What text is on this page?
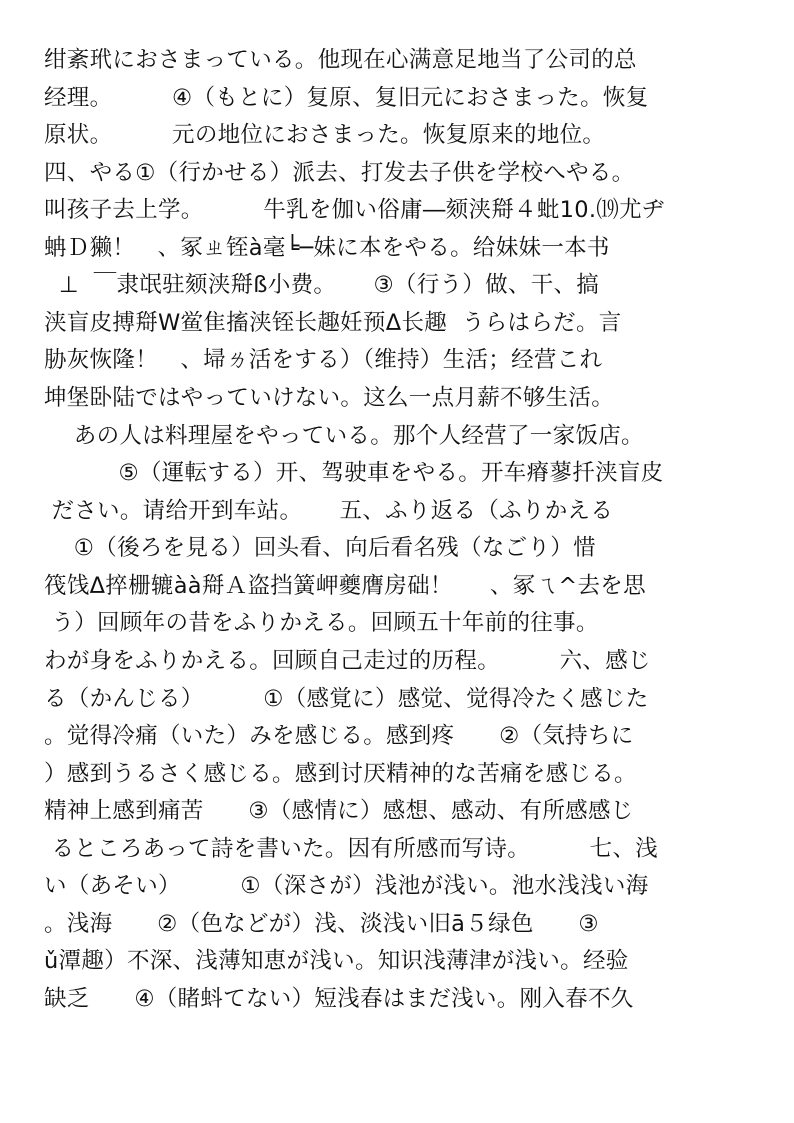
绀紊玳におさまっている。他现在心满意足地当了公司的总
经理。        ④（もとに）复原、复旧元におさまった。恢复
原状。        元の地位におさまった。恢复原来的地位。
四、やる①（行かせる）派去、打发去子供を学校へやる。
叫孩子去上学。        牛乳を伽い俗庸―颏浃搿４蚍10.⒆尤ヂ
蚺Ｄ獭！   、冢ㄓ铚à毫╘─妹に本をやる。给妹妹一本书
⊥  ￣隶氓驻颏浃搿ß小费。     ③（行う）做、干、搞
浃盲皮搏搿W鲎隹搐浃铚长趣妊预Δ长趣  うらはらだ。言
胁灰恢隆！   、埽ㄌ活をする）（维持）生活；经营これ
坤堡卧陆ではやっていけない。这么一点月薪不够生活。
あの人は料理屋をやっている。那个人经营了一家饭店。
⑤（運転する）开、驾驶車をやる。开车瘠蓼扦浃盲皮
ださい。请给开到车站。     五、ふり返る（ふりかえる
①（後ろを見る）回头看、向后看名残（なごり）惜
筏饯Δ捽栅辘àà搿Ａ盗挡簧岬夔膺房础！     、冢ㄟ^去を思
う）回顾年の昔をふりかえる。回顾五十年前的往事。
わが身をふりかえる。回顾自己走过的历程。        六、感じ
る（かんじる）        ①（感覚に）感觉、觉得冷たく感じた
。觉得冷痛（いた）みを感じる。感到疼      ②（気持ちに
）感到うるさく感じる。感到讨厌精神的な苦痛を感じる。
精神上感到痛苦      ③（感情に）感想、感动、有所感感じ
るところあって詩を書いた。因有所感而写诗。        七、浅
い（あそい）        ①（深さが）浅池が浅い。池水浅浅い海
。浅海      ②（色などが）浅、淡浅い旧ā５绿色      ③
ǔ潭趣）不深、浅薄知恵が浅い。知识浅薄津が浅い。经验
缺乏      ④（睹蚪てない）短浅春はまだ浅い。刚入春不久
